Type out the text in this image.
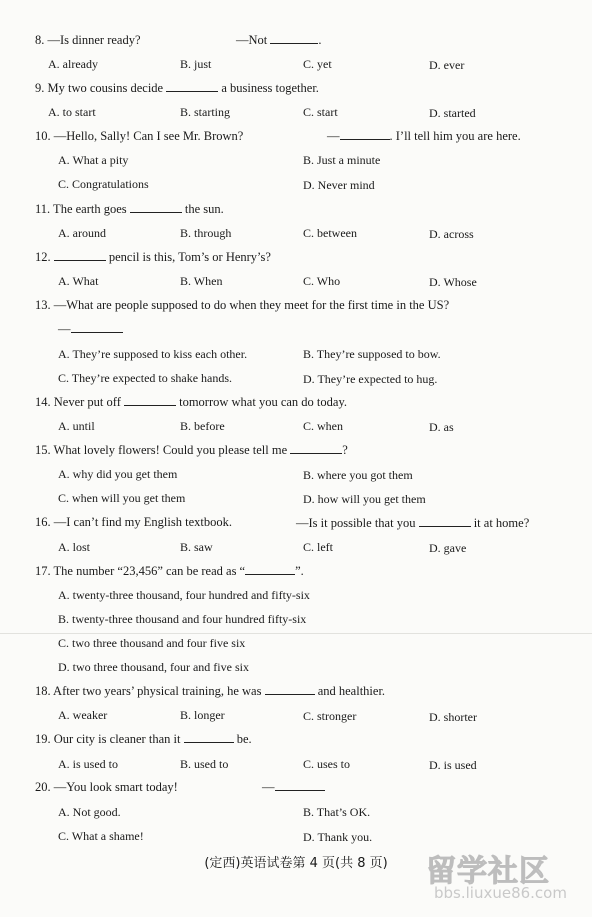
8. —Is dinner ready?	—Not	.
A. already	B. just	C. yet	D. ever
9. My two cousins decide	a business together.
A. to start	B. starting	C. start	D. started
10. —Hello, Sally! Can I see Mr. Brown?	—	. I’ll tell him you are here.
A. What a pity	B. Just a minute
C. Congratulations	D. Never mind
11. The earth goes	the sun.
A. around	B. through	C. between	D. across
12.	pencil is this, Tom’s or Henry’s?
A. What	B. When	C. Who	D. Whose
13. —What are people supposed to do when they meet for the first time in the US?
—
A. They’re supposed to kiss each other.	B. They’re supposed to bow.
C. They’re expected to shake hands.	D. They’re expected to hug.
14. Never put off	tomorrow what you can do today.
A. until	B. before	C. when	D. as
15. What lovely flowers! Could you please tell me	?
A. why did you get them	B. where you got them
C. when will you get them	D. how will you get them
16. —I can’t find my English textbook.	—Is it possible that you	it at home?
A. lost	B. saw	C. left	D. gave
17. The number “23,456” can be read as “	”.
A. twenty-three thousand, four hundred and fifty-six
B. twenty-three thousand and four hundred fifty-six
C. two three thousand and four five six
D. two three thousand, four and five six
18. After two years’ physical training, he was	and healthier.
A. weaker	B. longer	C. stronger	D. shorter
19. Our city is cleaner than it	be.
A. is used to	B. used to	C. uses to	D. is used
20. —You look smart today!	—
A. Not good.	B. That’s OK.
C. What a shame!	D. Thank you.
(定西)英语试卷第 4 页(共 8 页)	留学社区
bbs.liuxue86.com
